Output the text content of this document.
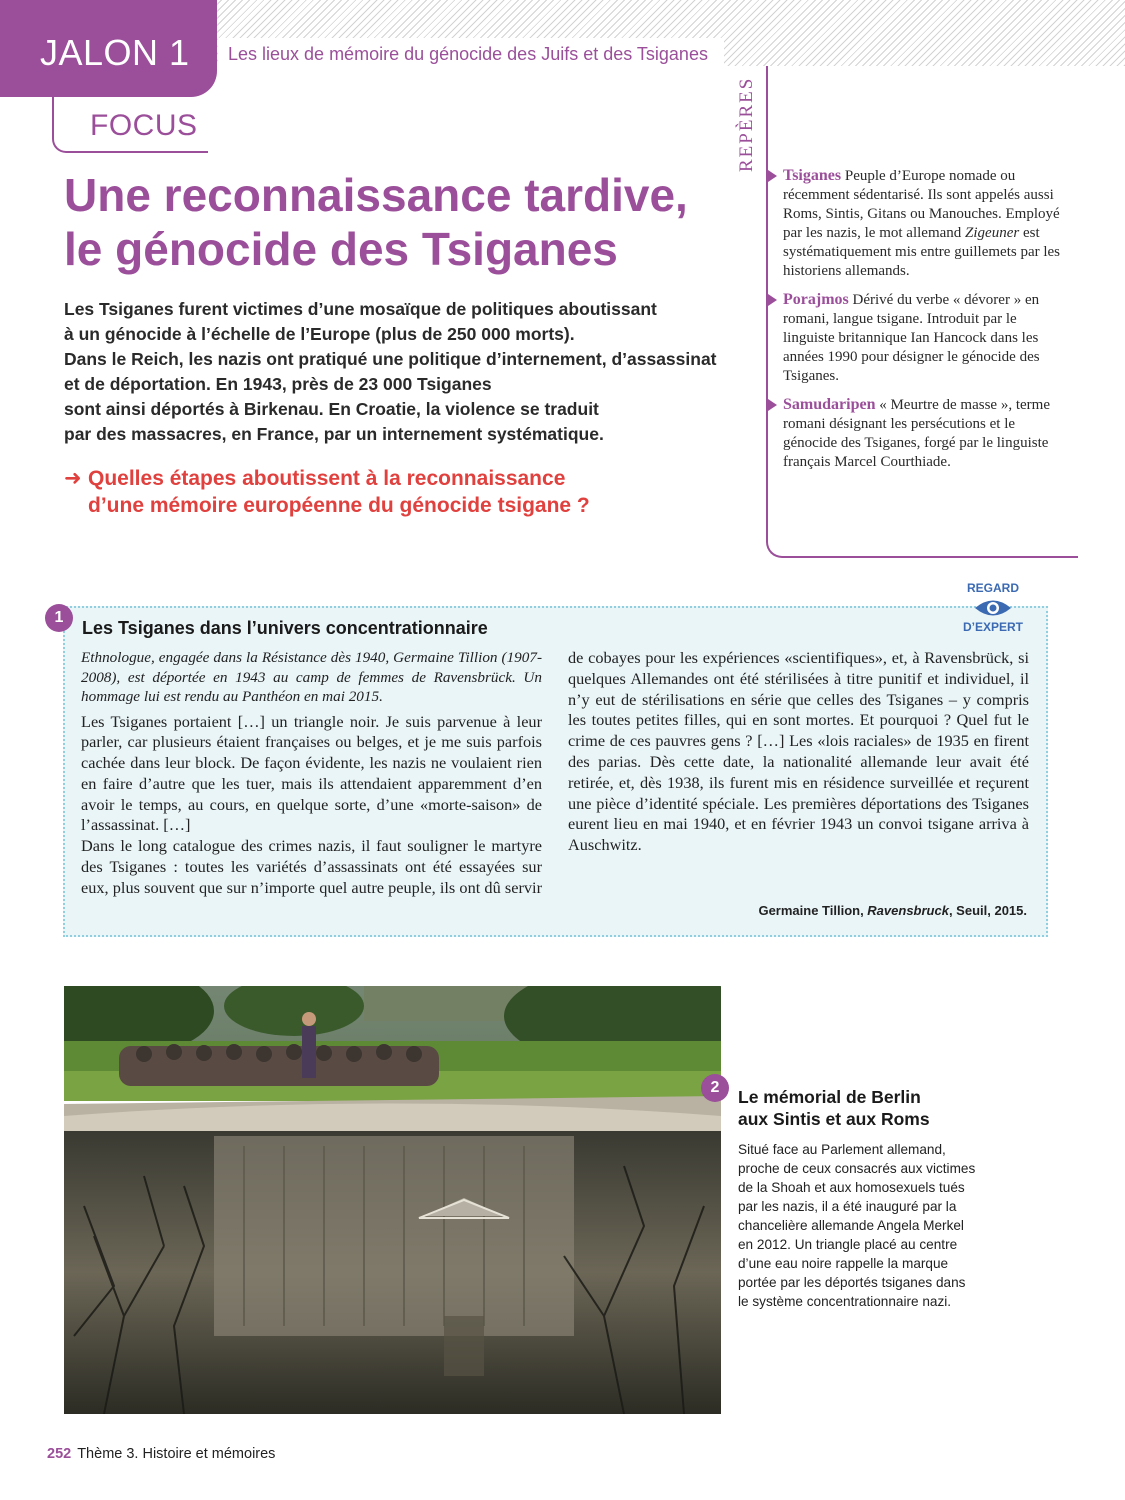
JALON 1	Les lieux de mémoire du génocide des Juifs et des Tsiganes
FOCUS
Une reconnaissance tardive,
le génocide des Tsiganes

Les Tsiganes furent victimes d’une mosaïque de politiques aboutissant
à un génocide à l’échelle de l’Europe (plus de 250 000 morts).
Dans le Reich, les nazis ont pratiqué une politique d’internement, d’assassinat
et de déportation. En 1943, près de 23 000 Tsiganes
sont ainsi déportés à Birkenau. En Croatie, la violence se traduit
par des massacres, en France, par un internement systématique.

➜ Quelles étapes aboutissent à la reconnaissance
d’une mémoire européenne du génocide tsigane ?
REPÈRES
Tsiganes Peuple d’Europe nomade ou récemment sédentarisé. Ils sont appelés aussi Roms, Sintis, Gitans ou Manouches. Employé par les nazis, le mot allemand Zigeuner est systématiquement mis entre guillemets par les historiens allemands.
Porajmos Dérivé du verbe « dévorer » en romani, langue tsigane. Introduit par le linguiste britannique Ian Hancock dans les années 1990 pour désigner le génocide des Tsiganes.
Samudaripen « Meurtre de masse », terme romani désignant les persécutions et le génocide des Tsiganes, forgé par le linguiste français Marcel Courthiade.
1
Les Tsiganes dans l’univers concentrationnaire
REGARD
D’EXPERT

Ethnologue, engagée dans la Résistance dès 1940, Germaine Tillion (1907-2008), est déportée en 1943 au camp de femmes de Ravensbrück. Un hommage lui est rendu au Panthéon en mai 2015.

Les Tsiganes portaient […] un triangle noir. Je suis parvenue à leur parler, car plusieurs étaient françaises ou belges, et je me suis parfois cachée dans leur block. De façon évidente, les nazis ne voulaient rien en faire d’autre que les tuer, mais ils attendaient apparemment d’en avoir le temps, au cours, en quelque sorte, d’une «morte-saison» de l’assassinat. […]

Dans le long catalogue des crimes nazis, il faut souligner le martyre des Tsiganes : toutes les variétés d’assassinats ont été essayées sur eux, plus souvent que sur n’importe quel autre peuple, ils ont dû servir de cobayes pour les expériences «scientifiques», et, à Ravensbrück, si quelques Allemandes ont été stérilisées à titre punitif et individuel, il n’y eut de stérilisations en série que celles des Tsiganes – y compris les toutes petites filles, qui en sont mortes. Et pourquoi ? Quel fut le crime de ces pauvres gens ? […] Les «lois raciales» de 1935 en firent des parias. Dès cette date, la nationalité allemande leur avait été retirée, et, dès 1938, ils furent mis en résidence surveillée et reçurent une pièce d’identité spéciale. Les premières déportations des Tsiganes eurent lieu en mai 1940, et en février 1943 un convoi tsigane arriva à Auschwitz.

Germaine Tillion, Ravensbruck, Seuil, 2015.
2	Le mémorial de Berlin
aux Sintis et aux Roms

Situé face au Parlement allemand,
proche de ceux consacrés aux victimes
de la Shoah et aux homosexuels tués
par les nazis, il a été inauguré par la
chancelière allemande Angela Merkel
en 2012. Un triangle placé au centre
d’une eau noire rappelle la marque
portée par les déportés tsiganes dans
le système concentrationnaire nazi.

252 Thème 3. Histoire et mémoires
